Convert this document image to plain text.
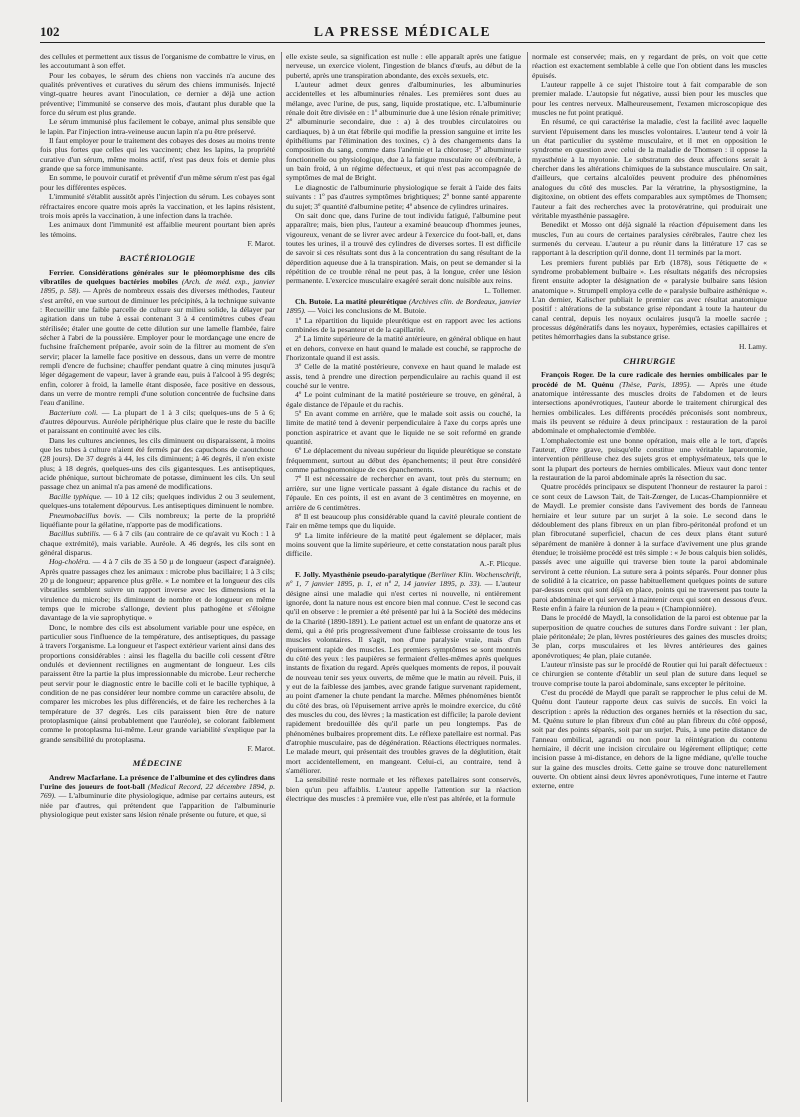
102	LA PRESSE MÉDICALE

des cellules et permettent aux tissus de l'organisme de combattre le virus, en les accoutumant à son effet.

Pour les cobayes, le sérum des chiens non vaccinés n'a aucune des qualités préventives et curatives du sérum des chiens immunisés. Injecté vingt-quatre heures avant l'inoculation, ce dernier a déjà une action préventive; l'immunité se conserve des mois, d'autant plus durable que la force du sérum est plus grande.

Le sérum immunisé plus facilement le cobaye, animal plus sensible que le lapin. Par l'injection intra-veineuse aucun lapin n'a pu être préservé.

Il faut employer pour le traitement des cobayes des doses au moins trente fois plus fortes que celles qui les vaccinent; chez les lapins, la propriété curative d'un sérum, même moins actif, n'est pas deux fois et demie plus grande que sa force immunisante.

En somme, le pouvoir curatif et préventif d'un même sérum n'est pas égal pour les différentes espèces.

L'immunité s'établit aussitôt après l'injection du sérum. Les cobayes sont réfractaires encore quatre mois après la vaccination, et les lapins résistent, trois mois après la vaccination, à une infection dans la trachée.

Les animaux dont l'immunité est affaiblie meurent pourtant bien après les témoins.

F. Marot.

BACTÉRIOLOGIE

Ferrier. Considérations générales sur le pléomorphisme des cils vibratiles de quelques bactéries mobiles (Arch. de méd. exp., janvier 1895, p. 58). — Après de nombreux essais des diverses méthodes, l'auteur s'est arrêté, en vue surtout de diminuer les précipités, à la technique suivante : Recueillir une faible parcelle de culture sur milieu solide, la délayer par agitation dans un tube à essai contenant 3 à 4 centimètres cubes d'eau stérilisée; étaler une goutte de cette dilution sur une lamelle flambée, faire sécher à l'abri de la poussière. Employer pour le mordançage une encre de fuchsine fraîchement préparée, avoir soin de la filtrer au moment de s'en servir; placer la lamelle face positive en dessous, dans un verre de montre rempli d'encre de fuchsine; chauffer pendant quatre à cinq minutes jusqu'à léger dégagement de vapeur, laver à grande eau, puis à l'alcool à 95 degrés; enfin, colorer à froid, la lamelle étant disposée, face positive en dessous, dans un verre de montre rempli d'une solution concentrée de fuchsine dans l'eau d'aniline.

Bacterium coli. — La plupart de 1 à 3 cils; quelques-uns de 5 à 6; d'autres dépourvus. Auréole périphérique plus claire que le reste du bacille et paraissant en continuité avec les cils.

Dans les cultures anciennes, les cils diminuent ou disparaissent, à moins que les tubes à culture n'aient été fermés par des capuchons de caoutchouc (28 jours). De 37 degrés à 44, les cils diminuent; à 46 degrés, il n'en existe plus; à 18 degrés, quelques-uns des cils gigantesques. Les antiseptiques, acide phénique, surtout bichromate de potasse, diminuent les cils. Un seul passage chez un animal n'a pas amené de modifications.

Bacille typhique. — 10 à 12 cils; quelques individus 2 ou 3 seulement, quelques-uns totalement dépourvus. Les antiseptiques diminuent le nombre.

Pneumobacillus bovis. — Cils nombreux; la perte de la propriété liquéfiante pour la gélatine, n'apporte pas de modifications.

Bacillus subtilis. — 6 à 7 cils (au contraire de ce qu'avait vu Koch : 1 à chaque extrémité), mais variable. Auréole. A 46 degrés, les cils sont en général disparus.

Hog-choléra. — 4 à 7 cils de 35 à 50 µ de longueur (aspect d'araignée). Après quatre passages chez les animaux : microbe plus bacillaire; 1 à 3 cils; 20 µ de longueur; apparence plus grêle. « Le nombre et la longueur des cils vibratiles semblent suivre un rapport inverse avec les dimensions et la virulence du microbe; ils diminuent de nombre et de longueur en même temps que le microbe s'allonge, devient plus pathogène et s'éloigne davantage de la vie saprophytique. »

Donc, le nombre des cils est absolument variable pour une espèce, en particulier sous l'influence de la température, des antiseptiques, du passage à travers l'organisme. La longueur et l'aspect extérieur varient ainsi dans des proportions considérables : ainsi les flagella du bacille coli cessent d'être ondulés et deviennent rectilignes en augmentant de longueur. Les cils paraissent être la partie la plus impressionnable du microbe. Leur recherche peut servir pour le diagnostic entre le bacille coli et le bacille typhique, à condition de ne pas considérer leur nombre comme un caractère absolu, de comparer les microbes les plus différenciés, et de faire les recherches à la température de 37 degrés. Les cils paraissent bien être de nature protoplasmique (ainsi probablement que l'auréole), se colorant faiblement comme le protoplasma lui-même. Leur grande variabilité s'explique par la grande sensibilité du protoplasma.

F. Marot.

MÉDECINE

Andrew Macfarlane. La présence de l'albumine et des cylindres dans l'urine des joueurs de foot-ball (Medical Record, 22 décembre 1894, p. 769). — L'albuminurie dite physiologique, admise par certains auteurs, est niée par d'autres, qui prétendent que l'apparition de l'albuminurie physiologique peut exister sans lésion rénale présente ou future, et que, si

elle existe seule, sa signification est nulle : elle apparaît après une fatigue nerveuse, un exercice violent, l'ingestion de blancs d'œufs, au début de la puberté, après une transpiration abondante, des excès sexuels, etc.

L'auteur admet deux genres d'albuminuries, les albuminuries accidentelles et les albuminuries rénales. Les premières sont dues au mélange, avec l'urine, de pus, sang, liquide prostatique, etc. L'albuminurie rénale doit être divisée en : 1º albuminurie due à une lésion rénale primitive; 2º albuminurie secondaire, due : a) à des troubles circulatoires ou cardiaques, b) à un état fébrile qui modifie la pression sanguine et irrite les épithéliums par l'élimination des toxines, c) à des changements dans la composition du sang, comme dans l'anémie et la chlorose; 3º albuminurie fonctionnelle ou physiologique, due à la fatigue musculaire ou cérébrale, à un bain froid, à un régime défectueux, et qui n'est pas accompagnée de symptômes de mal de Bright.

Le diagnostic de l'albuminurie physiologique se ferait à l'aide des faits suivants : 1º pas d'autres symptômes brightiques; 2º bonne santé apparente du sujet; 3º quantité d'albumine petite; 4º absence de cylindres urinaires.

On sait donc que, dans l'urine de tout individu fatigué, l'albumine peut apparaître; mais, bien plus, l'auteur a examiné beaucoup d'hommes jeunes, vigoureux, venant de se livrer avec ardeur à l'exercice du foot-ball, et, dans toutes les urines, il a trouvé des cylindres de diverses sortes. Il est difficile de savoir si ces résultats sont dus à la concentration du sang résultant de la déperdition aqueuse due à la transpiration. Mais, on peut se demander si la répétition de ce trouble rénal ne peut pas, à la longue, créer une lésion permanente. L'exercice musculaire exagéré serait donc nuisible aux reins.

L. Tollemer.

Ch. Butoie. La matité pleurétique (Archives clin. de Bordeaux, janvier 1895). — Voici les conclusions de M. Butoie.

1º La répartition du liquide pleurétique est en rapport avec les actions combinées de la pesanteur et de la capillarité.

2º La limite supérieure de la matité antérieure, en général oblique en haut et en dehors, convexe en haut quand le malade est couché, se rapproche de l'horizontale quand il est assis.

3º Celle de la matité postérieure, convexe en haut quand le malade est assis, tend à prendre une direction perpendiculaire au rachis quand il est couché sur le ventre.

4º Le point culminant de la matité postérieure se trouve, en général, à égale distance de l'épaule et du rachis.

5º En avant comme en arrière, que le malade soit assis ou couché, la limite de matité tend à devenir perpendiculaire à l'axe du corps après une ponction aspiratrice et avant que le liquide ne se soit reformé en grande quantité.

6º Le déplacement du niveau supérieur du liquide pleurétique se constate fréquemment, surtout au début des épanchements; il peut être considéré comme pathognomonique de ces épanchements.

7º Il est nécessaire de rechercher en avant, tout près du sternum; en arrière, sur une ligne verticale passant à égale distance du rachis et de l'épaule. En ces points, il est en avant de 3 centimètres en moyenne, en arrière de 6 centimètres.

8º Il est beaucoup plus considérable quand la cavité pleurale contient de l'air en même temps que du liquide.

9º La limite inférieure de la matité peut également se déplacer, mais moins souvent que la limite supérieure, et cette constatation nous paraît plus difficile.

A.-F. Plicque.

F. Jolly. Myasthénie pseudo-paralytique (Berliner Klin. Wochenschrift, nº 1, 7 janvier 1895, p. 1, et nº 2, 14 janvier 1895, p. 33). — L'auteur désigne ainsi une maladie qui n'est certes ni nouvelle, ni entièrement ignorée, dont la nature nous est encore bien mal connue. C'est le second cas qu'il en observe : le premier a été présenté par lui à la Société des médecins de la Charité (1890-1891). Le patient actuel est un enfant de quatorze ans et demi, qui a été pris progressivement d'une faiblesse croissante de tous les muscles volontaires. Il s'agit, non d'une paralysie vraie, mais d'un épuisement rapide des muscles. Les premiers symptômes se sont montrés du côté des yeux : les paupières se fermaient d'elles-mêmes après quelques instants de fixation du regard. Après quelques moments de repos, il pouvait de nouveau tenir ses yeux ouverts, de même que le matin au réveil. Puis, il y eut de la faiblesse des jambes, avec grande fatigue survenant rapidement, au point d'amener la chute pendant la marche. Mêmes phénomènes bientôt du côté des bras, où l'épuisement arrive après le moindre exercice, du côté des muscles du cou, des lèvres ; la mastication est difficile; la parole devient rapidement bredouillée dès qu'il parle un peu longtemps. Pas de phénomènes bulbaires proprement dits. Le réflexe patellaire est normal. Pas d'atrophie musculaire, pas de dégénération. Réactions électriques normales. Le malade meurt, qui présentait des troubles graves de la déglutition, était mort accidentellement, en mangeant. Celui-ci, au contraire, tend à s'améliorer.

La sensibilité reste normale et les réflexes patellaires sont conservés, bien qu'un peu affaiblis. L'auteur appelle l'attention sur la réaction électrique des muscles : à première vue, elle n'est pas altérée, et la formule

normale est conservée; mais, en y regardant de près, on voit que cette réaction est exactement semblable à celle que l'on obtient dans les muscles épuisés.

L'auteur rappelle à ce sujet l'histoire tout à fait comparable de son premier malade. L'autopsie fut négative, aussi bien pour les muscles que pour les centres nerveux. Malheureusement, l'examen microscopique des muscles ne fut point pratiqué.

En résumé, ce qui caractérise la maladie, c'est la facilité avec laquelle survient l'épuisement dans les muscles volontaires. L'auteur tend à voir là un état particulier du système musculaire, et il met en opposition le syndrome en question avec celui de la maladie de Thomsen : il oppose la myasthénie à la myotonie. Le substratum des deux affections serait à chercher dans les altérations chimiques de la substance musculaire. On sait, d'ailleurs, que certains alcaloïdes peuvent produire des phénomènes analogues du côté des muscles. Par la vératrine, la physostigmine, la digitoxine, on obtient des effets comparables aux symptômes de Thomsen; l'auteur a fait des recherches avec la protovératrine, qui produirait une véritable myasthénie passagère.

Benedikt et Mosso ont déjà signalé la réaction d'épuisement dans les muscles, l'un au cours de certaines paralysies cérébrales, l'autre chez les surmenés du cerveau. L'auteur a pu réunir dans la littérature 17 cas se rapportant à la description qu'il donne, dont 11 terminés par la mort.

Les premiers furent publiés par Erb (1878), sous l'étiquette de « syndrome probablement bulbaire ». Les résultats négatifs des nécropsies firent ensuite adopter la désignation de « paralysie bulbaire sans lésion anatomique ». Strumpell employa celle de « paralysie bulbaire asthénique ». L'an dernier, Kalischer publiait le premier cas avec résultat anatomique positif : altérations de la substance grise répondant à toute la hauteur du canal central, depuis les noyaux oculaires jusqu'à la moelle sacrée ; processus dégénératifs dans les noyaux, hyperémies, ectasies capillaires et petites hémorrhagies dans la substance grise.

H. Lamy.

CHIRURGIE

François Roger. De la cure radicale des hernies ombilicales par le procédé de M. Quénu (Thèse, Paris, 1895). — Après une étude anatomique intéressante des muscles droits de l'abdomen et de leurs intersections aponévrotiques, l'auteur aborde le traitement chirurgical des hernies ombilicales. Les différents procédés préconisés sont nombreux, mais ils peuvent se réduire à deux principaux : restauration de la paroi abdominale et omphalectomie d'emblée.

L'omphalectomie est une bonne opération, mais elle a le tort, d'après l'auteur, d'être grave, puisqu'elle constitue une véritable laparotomie, intervention périlleuse chez des sujets gros et emphysémateux, tels que le sont la plupart des porteurs de hernies ombilicales. Mieux vaut donc tenter la restauration de la paroi abdominale après la résection du sac.

Quatre procédés principaux se disputent l'honneur de restaurer la paroi : ce sont ceux de Lawson Tait, de Tait-Zœnger, de Lucas-Championnière et de Maydl. Le premier consiste dans l'avivement des bords de l'anneau herniaire et leur suture par un surjet à la soie. Le second dans le dédoublement des plans fibreux en un plan fibro-péritonéal profond et un plan fibrocutané superficiel, chacun de ces deux plans étant suturé séparément de manière à donner à la surface d'avivement une plus grande étendue; le troisième procédé est très simple : « Je bous calquis bien solidés, passés avec une aiguille qui traverse bien toute la paroi abdominale serviront à cette réunion. La suture sera à points séparés. Pour donner plus de solidité à la cicatrice, on passe habituellement quelques points de suture par-dessus ceux qui sont déjà en place, points qui ne traversent pas toute la paroi abdominale et qui servent à maintenir ceux qui sont en dessous d'eux. Reste enfin à faire la réunion de la peau » (Championnière).

Dans le procédé de Maydl, la consolidation de la paroi est obtenue par la superposition de quatre couches de sutures dans l'ordre suivant : 1er plan, plaie péritonéale; 2e plan, lèvres postérieures des gaines des muscles droits; 3e plan, corps musculaires et les lèvres antérieures des gaines aponévrotiques; 4e plan, plaie cutanée.

L'auteur n'insiste pas sur le procédé de Routier qui lui paraît défectueux : ce chirurgien se contente d'établir un seul plan de suture dans lequel se trouve comprise toute la paroi abdominale, sans excepter le péritoine.

C'est du procédé de Maydl que paraît se rapprocher le plus celui de M. Quénu dont l'auteur rapporte deux cas suivis de succès. En voici la description : après la réduction des organes herniés et la résection du sac, M. Quénu suture le plan fibreux d'un côté au plan fibreux du côté opposé, soit par des points séparés, soit par un surjet. Puis, à une petite distance de l'anneau ombilical, agrandi ou non pour la réintégration du contenu herniaire, il décrit une incision circulaire ou légèrement elliptique; cette incision passe à mi-distance, en dehors de la ligne médiane, qu'elle touche sur la gaine des muscles droits. Cette gaine se trouve donc naturellement ouverte. On obtient ainsi deux lèvres aponévrotiques, l'une interne et l'autre externe, entre
